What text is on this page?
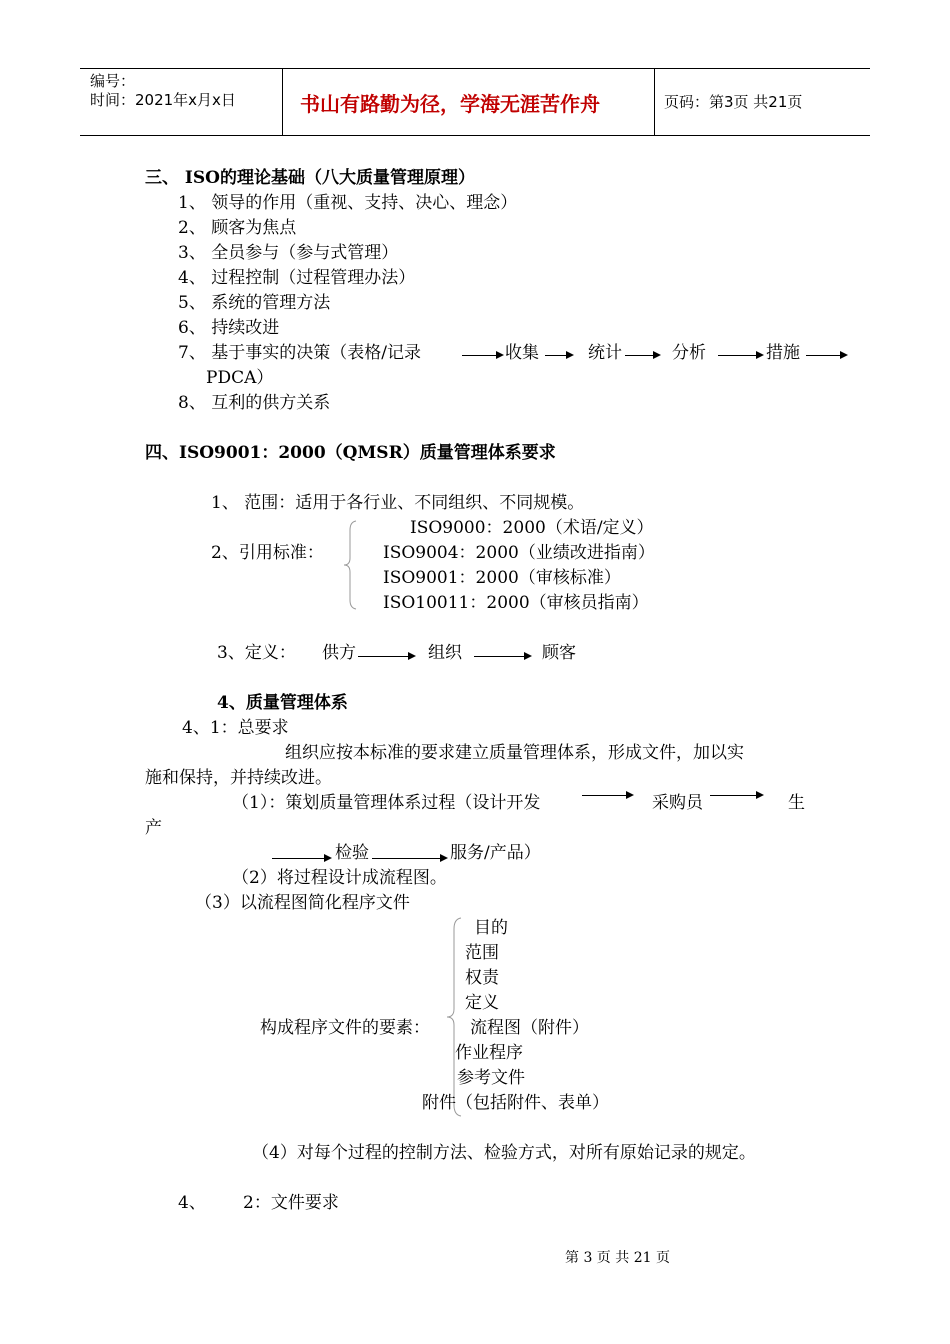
编号：
时间：2021年x月x日	书山有路勤为径，学海无涯苦作舟	页码：第3页 共21页
三、 ISO的理论基础（八大质量管理原理）
1、 领导的作用（重视、支持、决心、理念）
2、 顾客为焦点
3、 全员参与（参与式管理）
4、 过程控制（过程管理办法）
5、 系统的管理方法
6、 持续改进
7、 基于事实的决策（表格/记录	收集	统计	分析	措施
PDCA）
8、 互利的供方关系
四、ISO9001：2000（QMSR）质量管理体系要求
1、 范围：适用于各行业、不同组织、不同规模。
2、引用标准：
ISO9000：2000（术语/定义）
ISO9004：2000（业绩改进指南）
ISO9001：2000（审核标准）
ISO10011：2000（审核员指南）
3、定义： 供方	组织	顾客
4、质量管理体系
4、1：总要求
组织应按本标准的要求建立质量管理体系，形成文件，加以实
施和保持，并持续改进。
（1）：策划质量管理体系过程（设计开发	采购员	生
产
检验	服务/产品）
（2）将过程设计成流程图。
（3）以流程图简化程序文件
构成程序文件的要素：
目的
范围
权责
定义
流程图（附件）
作业程序
参考文件
附件（包括附件、表单）
（4）对每个过程的控制方法、检验方式，对所有原始记录的规定。
4、 2：文件要求
第 3 页 共 21 页
